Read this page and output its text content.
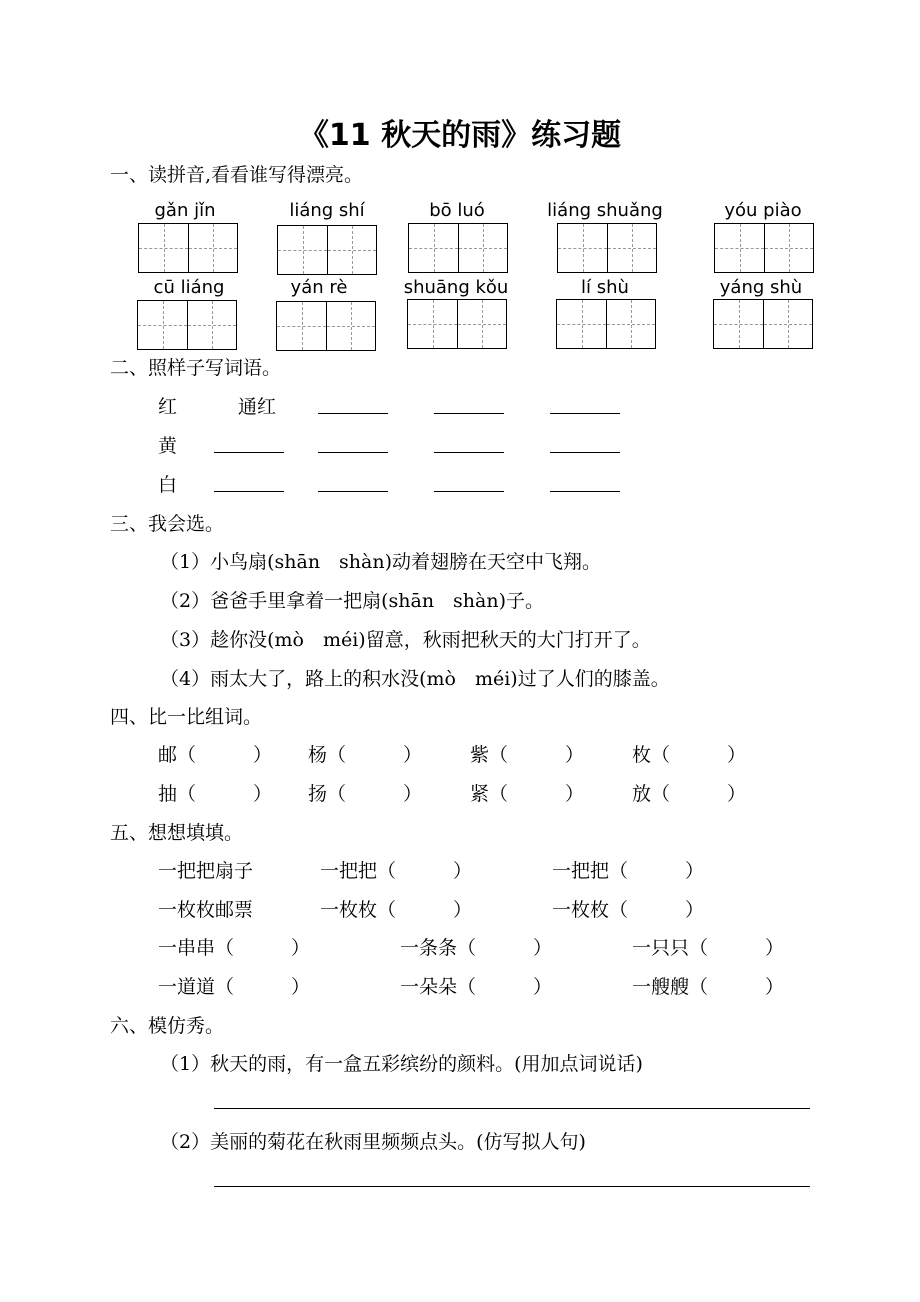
《11 秋天的雨》练习题
一、读拼音,看看谁写得漂亮。
gǎn jǐn	liáng shí	bō luó	liáng shuǎng	yóu piào
cū liáng	yán rè	shuāng kǒu	lí shù	yáng shù
二、照样子写词语。
红	通红
黄
白
三、我会选。
（1）小鸟扇(shān　shàn)动着翅膀在天空中飞翔。
（2）爸爸手里拿着一把扇(shān　shàn)子。
（3）趁你没(mò　méi)留意，秋雨把秋天的大门打开了。
（4）雨太大了，路上的积水没(mò　méi)过了人们的膝盖。
四、比一比组词。
邮（　　　） 杨（　　　）	紫（　　　）	枚（　　　）
抽（　　　） 扬（　　　）	紧（　　　）	放（　　　）
五、想想填填。
一把把扇子	一把把（　　　）	一把把（　　　）
一枚枚邮票	一枚枚（　　　）	一枚枚（　　　）
一串串（　　　）	一条条（　　　）	一只只（　　　）
一道道（　　　）	一朵朵（　　　）	一艘艘（　　　）
六、模仿秀。
（1）秋天的雨，有一盒五彩缤纷的颜料。(用加点词说话)
（2）美丽的菊花在秋雨里频频点头。(仿写拟人句)
